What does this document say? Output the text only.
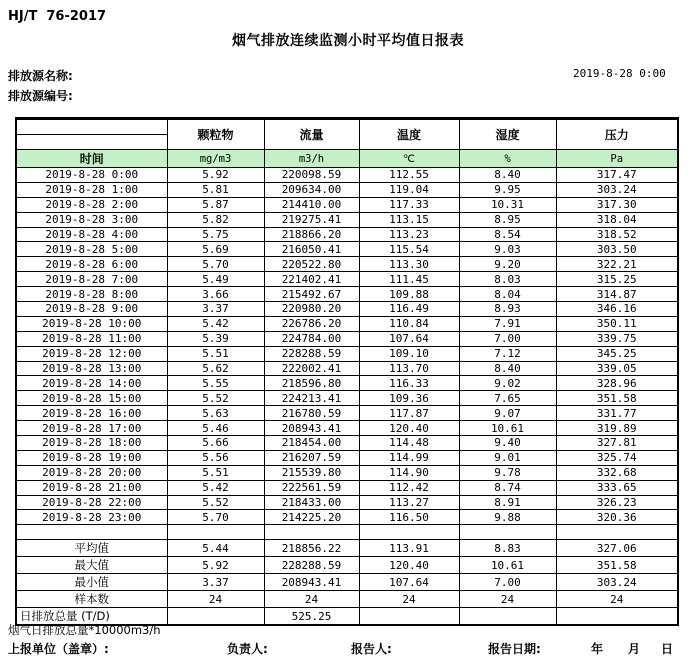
HJ/T  76-2017
烟气排放连续监测小时平均值日报表
排放源名称:	2019-8-28 0:00
排放源编号:
	颗粒物	流量	温度	湿度	压力
时间	mg/m3	m3/h	℃	%	Pa
2019-8-28 0:00	5.92	220098.59	112.55	8.40	317.47
2019-8-28 1:00	5.81	209634.00	119.04	9.95	303.24
2019-8-28 2:00	5.87	214410.00	117.33	10.31	317.30
2019-8-28 3:00	5.82	219275.41	113.15	8.95	318.04
2019-8-28 4:00	5.75	218866.20	113.23	8.54	318.52
2019-8-28 5:00	5.69	216050.41	115.54	9.03	303.50
2019-8-28 6:00	5.70	220522.80	113.30	9.20	322.21
2019-8-28 7:00	5.49	221402.41	111.45	8.03	315.25
2019-8-28 8:00	3.66	215492.67	109.88	8.04	314.87
2019-8-28 9:00	3.37	220980.20	116.49	8.93	346.16
2019-8-28 10:00	5.42	226786.20	110.84	7.91	350.11
2019-8-28 11:00	5.39	224784.00	107.64	7.00	339.75
2019-8-28 12:00	5.51	228288.59	109.10	7.12	345.25
2019-8-28 13:00	5.62	222002.41	113.70	8.40	339.05
2019-8-28 14:00	5.55	218596.80	116.33	9.02	328.96
2019-8-28 15:00	5.52	224213.41	109.36	7.65	351.58
2019-8-28 16:00	5.63	216780.59	117.87	9.07	331.77
2019-8-28 17:00	5.46	208943.41	120.40	10.61	319.89
2019-8-28 18:00	5.66	218454.00	114.48	9.40	327.81
2019-8-28 19:00	5.56	216207.59	114.99	9.01	325.74
2019-8-28 20:00	5.51	215539.80	114.90	9.78	332.68
2019-8-28 21:00	5.42	222561.59	112.42	8.74	333.65
2019-8-28 22:00	5.52	218433.00	113.27	8.91	326.23
2019-8-28 23:00	5.70	214225.20	116.50	9.88	320.36

平均值	5.44	218856.22	113.91	8.83	327.06
最大值	5.92	228288.59	120.40	10.61	351.58
最小值	3.37	208943.41	107.64	7.00	303.24
样本数	24	24	24	24	24
日排放总量 (T/D)		525.25			
烟气日排放总量*10000m3/h
上报单位（盖章）:	负责人:	报告人:	报告日期:	年 月 日
